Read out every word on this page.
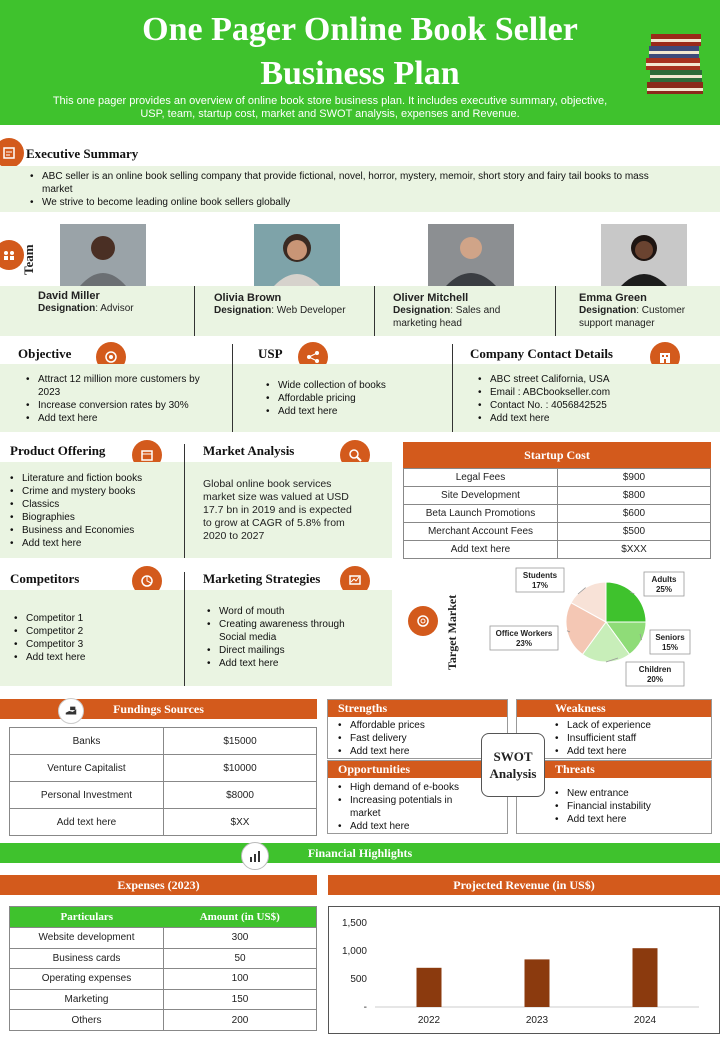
One Pager Online Book Seller
Business Plan
This one pager provides an overview of online book store business plan. It includes executive summary, objective,
USP, team, startup cost, market and SWOT analysis, expenses and Revenue.
Executive Summary
• ABC seller is an online book selling company that provide fictional, novel, horror, mystery, memoir, short story and fairy tail books to mass market
• We strive to become leading online book sellers globally
Team
David Miller
Designation: Advisor
Olivia Brown
Designation: Web Developer
Oliver Mitchell
Designation: Sales and marketing head
Emma Green
Designation: Customer support manager
Objective	USP	Company Contact Details
• Attract 12 million more customers by 2023
• Increase conversion rates by 30%
• Add text here
• Wide collection of books
• Affordable pricing
• Add text here
• ABC street California, USA
• Email : ABCbookseller.com
• Contact No. : 4056842525
• Add text here
Product Offering	Market Analysis
• Literature and fiction books
• Crime and mystery books
• Classics
• Biographies
• Business and Economies
• Add text here
Global online book services market size was valued at USD 17.7 bn in 2019 and is expected to grow at CAGR of 5.8% from 2020 to 2027
Startup Cost
Legal Fees	$900
Site Development	$800
Beta Launch Promotions	$600
Merchant Account Fees	$500
Add text here	$XXX
Competitors	Marketing Strategies
• Competitor 1
• Competitor 2
• Competitor 3
• Add text here
• Word of mouth
• Creating awareness through Social media
• Direct mailings
• Add text here	Target Market
Adults
25%
Seniors
15%
Children
20%
Office Workers
23%
Students
17%
Fundings Sources
Banks	$15000
Venture Capitalist	$10000
Personal Investment	$8000
Add text here	$XX
Strengths
• Affordable prices
• Fast delivery
• Add text here
Weakness
• Lack of experience
• Insufficient staff
• Add text here
Opportunities
• High demand of e-books
• Increasing potentials in market
• Add text here
Threats
• New entrance
• Financial instability
• Add text here
SWOT
Analysis
Financial Highlights
Expenses (2023)
Particulars	Amount (in US$)
Website development	300
Business cards	50
Operating expenses	100
Marketing	150
Others	200
Projected Revenue (in US$)
-
500
1,000
1,500
2022	2023	2024
